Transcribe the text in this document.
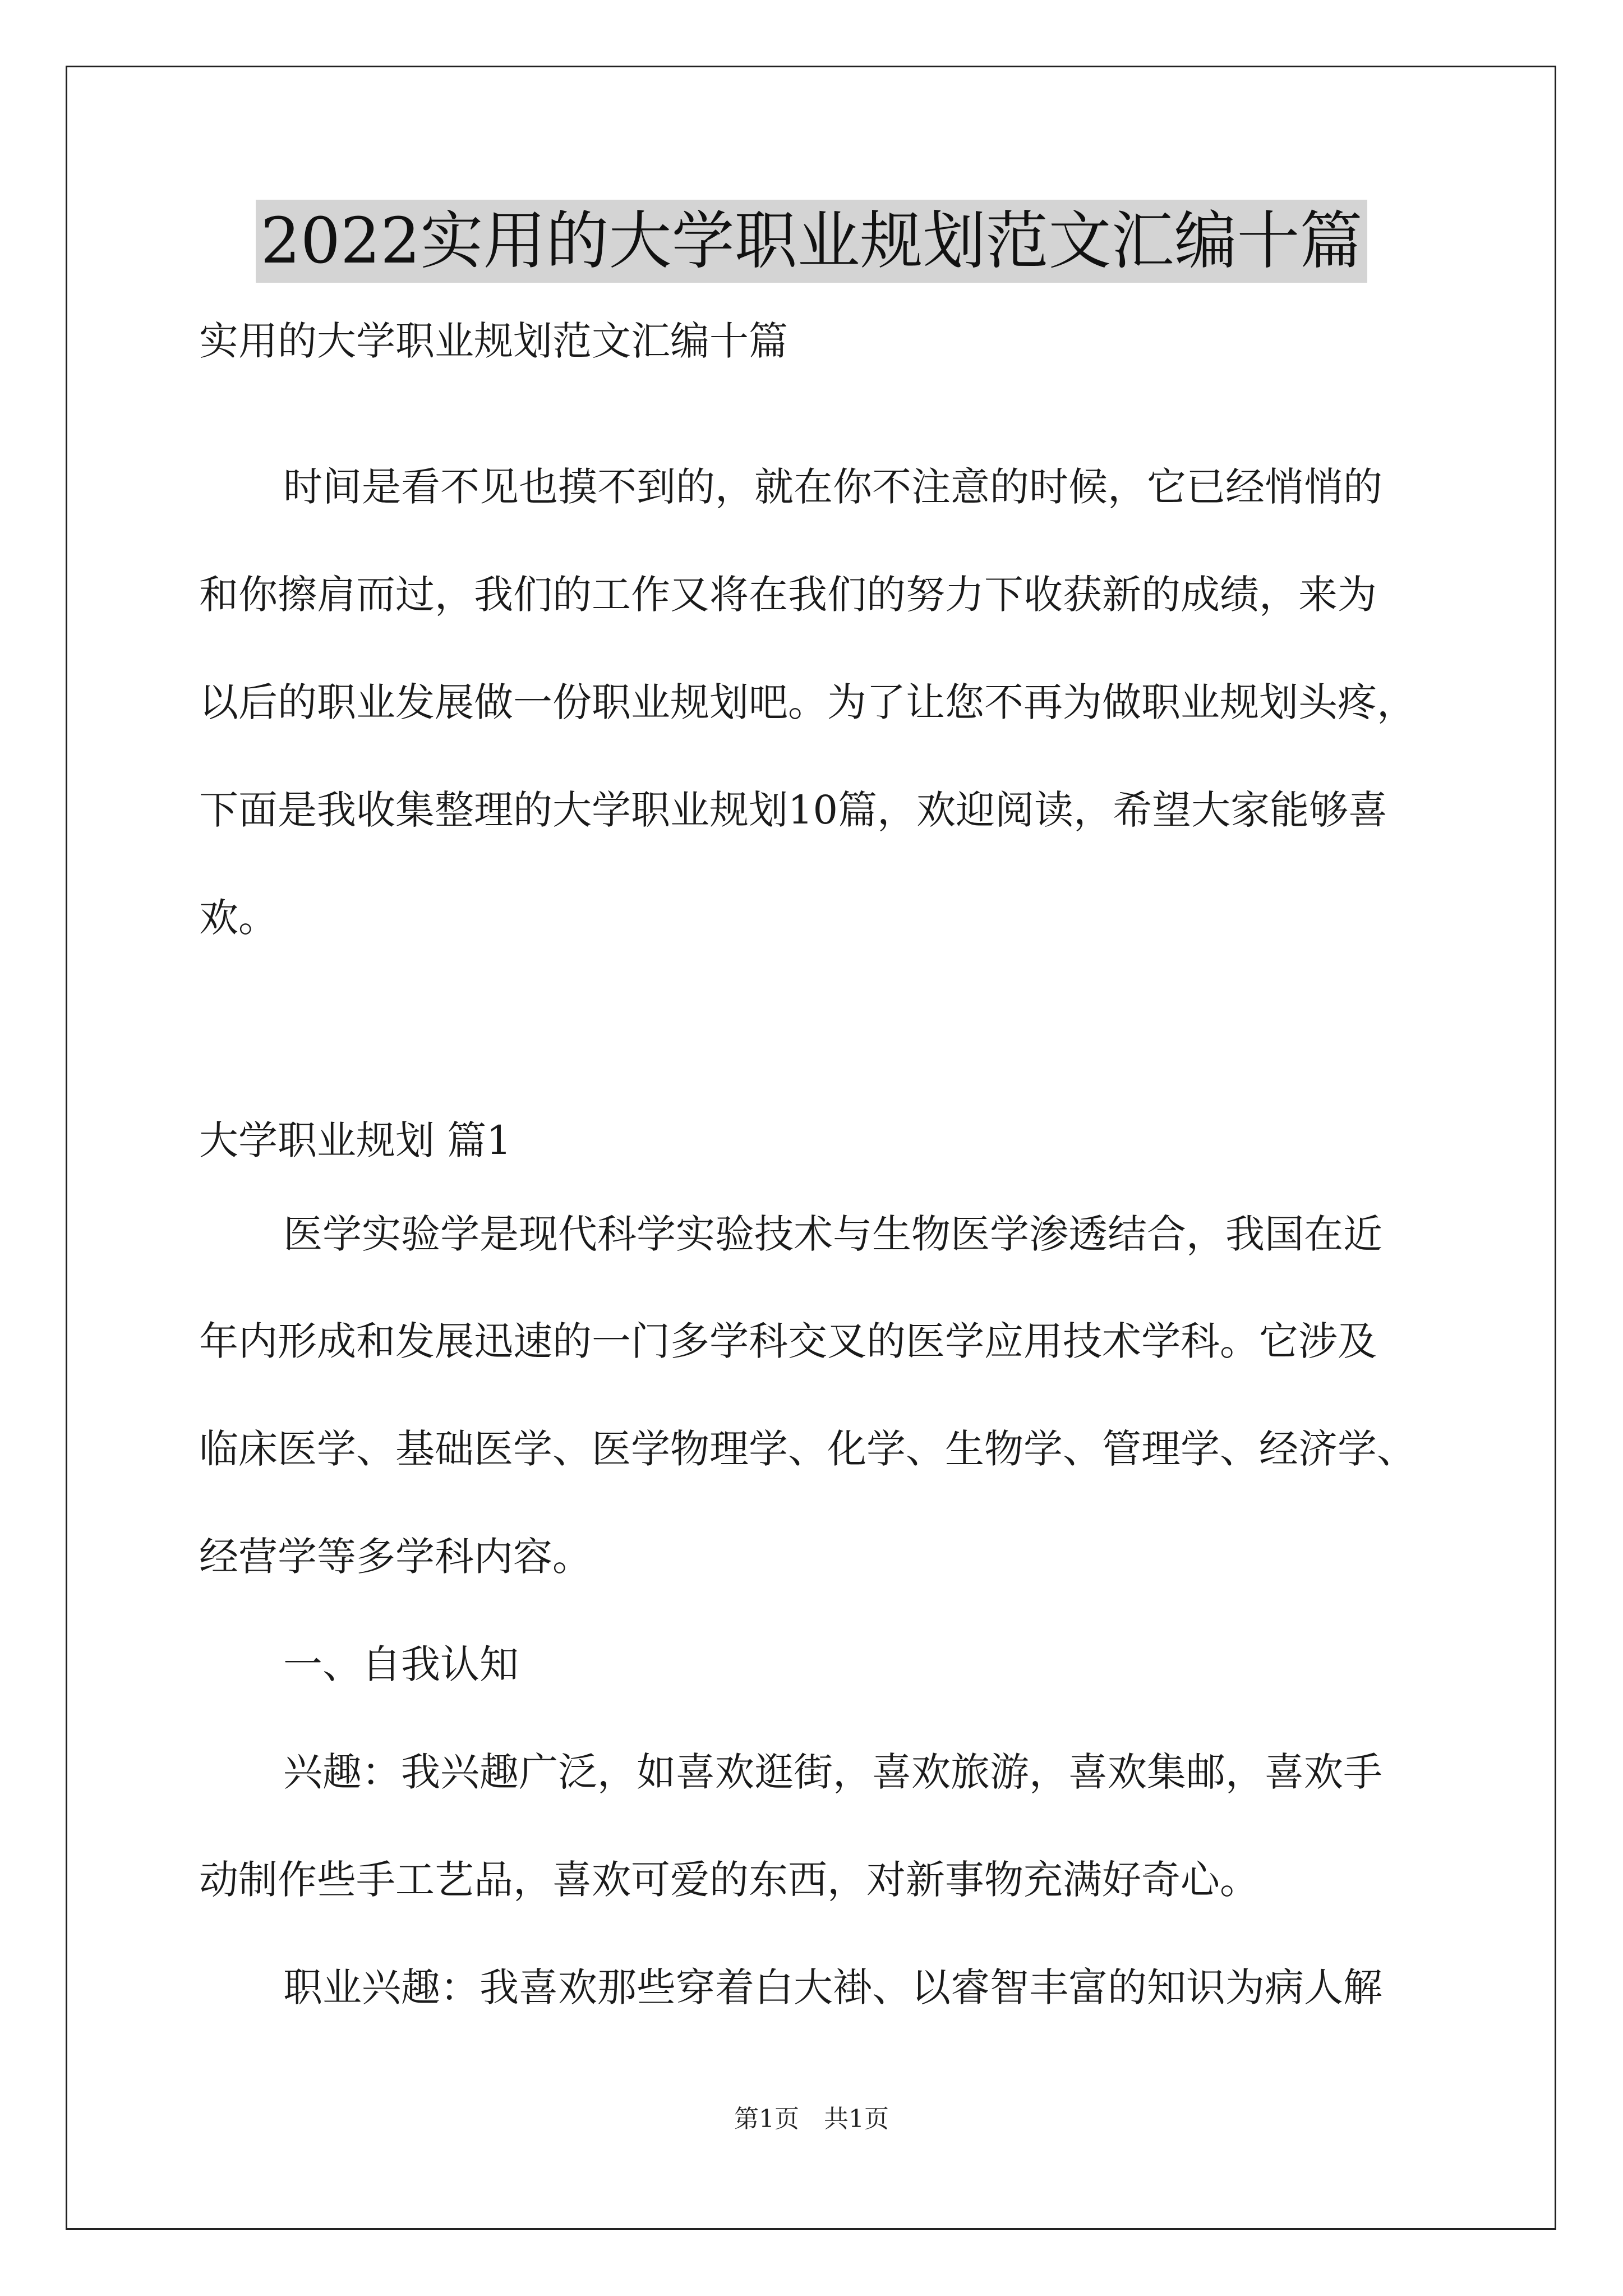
2022实用的大学职业规划范文汇编十篇
实用的大学职业规划范文汇编十篇
时间是看不见也摸不到的，就在你不注意的时候，它已经悄悄的
和你擦肩而过，我们的工作又将在我们的努力下收获新的成绩，来为
以后的职业发展做一份职业规划吧。为了让您不再为做职业规划头疼，
下面是我收集整理的大学职业规划10篇，欢迎阅读，希望大家能够喜
欢。
大学职业规划 篇1
医学实验学是现代科学实验技术与生物医学渗透结合，我国在近
年内形成和发展迅速的一门多学科交叉的医学应用技术学科。它涉及
临床医学、基础医学、医学物理学、化学、生物学、管理学、经济学、
经营学等多学科内容。
一、自我认知
兴趣：我兴趣广泛，如喜欢逛街，喜欢旅游，喜欢集邮，喜欢手
动制作些手工艺品，喜欢可爱的东西，对新事物充满好奇心。
职业兴趣：我喜欢那些穿着白大褂、以睿智丰富的知识为病人解
第1页　共1页
